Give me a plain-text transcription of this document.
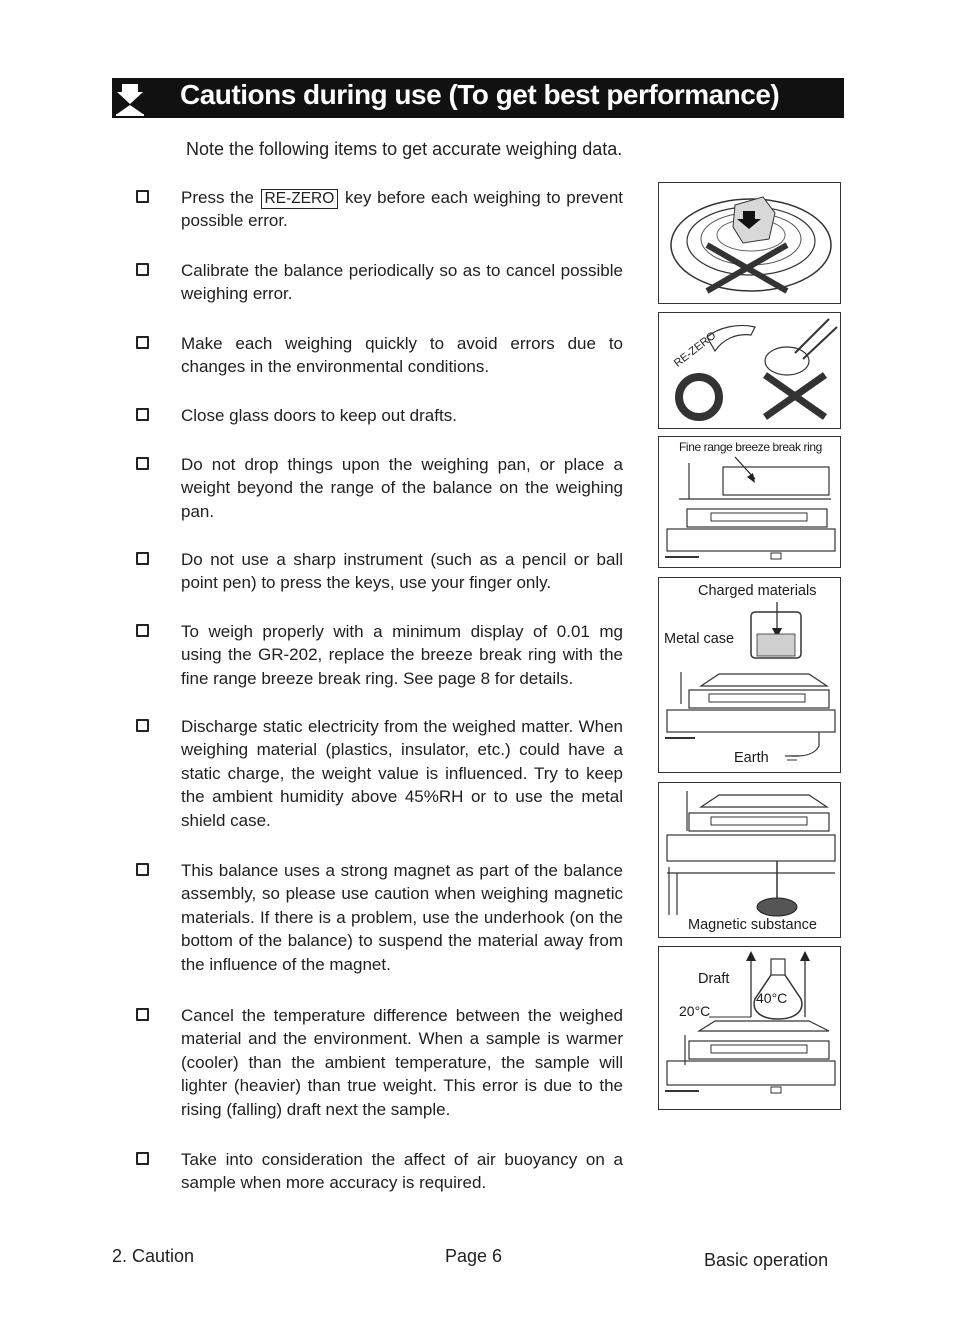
Cautions during use (To get best performance)
Note the following items to get accurate weighing data.
Press the RE-ZERO key before each weighing to prevent possible error.
Calibrate the balance periodically so as to cancel possible weighing error.
Make each weighing quickly to avoid errors due to changes in the environmental conditions.
Close glass doors to keep out drafts.
Do not drop things upon the weighing pan, or place a weight beyond the range of the balance on the weighing pan.
Do not use a sharp instrument (such as a pencil or ball point pen) to press the keys, use your finger only.
To weigh properly with a minimum display of 0.01 mg using the GR-202, replace the breeze break ring with the fine range breeze break ring. See page 8 for details.
Discharge static electricity from the weighed matter. When weighing material (plastics, insulator, etc.) could have a static charge, the weight value is influenced. Try to keep the ambient humidity above 45%RH or to use the metal shield case.
This balance uses a strong magnet as part of the balance assembly, so please use caution when weighing magnetic materials. If there is a problem, use the underhook (on the bottom of the balance) to suspend the material away from the influence of the magnet.
Cancel the temperature difference between the weighed material and the environment. When a sample is warmer (cooler) than the ambient temperature, the sample will lighter (heavier) than true weight. This error is due to the rising (falling) draft next the sample.
Take into consideration the affect of air buoyancy on a sample when more accuracy is required.
RE-ZERO
Fine range breeze break ring
Charged materials
Metal case
Earth
Magnetic substance
Draft
20°C
40°C
2. Caution	Page 6	Basic operation
